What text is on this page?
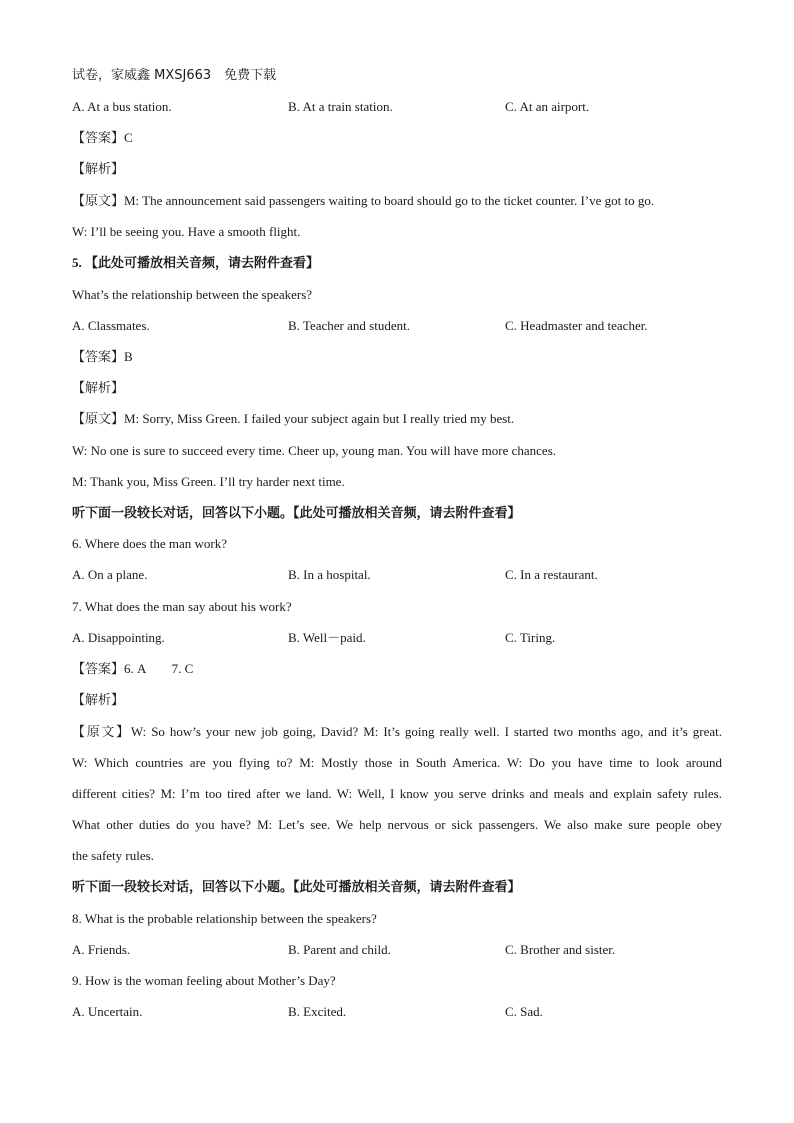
试卷，家威鑫 MXSJ663　免费下载
A. At a bus station.	B. At a train station.	C. At an airport.
【答案】C
【解析】
【原文】M: The announcement said passengers waiting to board should go to the ticket counter. I’ve got to go.
W: I’ll be seeing you. Have a smooth flight.
5. 【此处可播放相关音频，请去附件查看】
What’s the relationship between the speakers?
A. Classmates.	B. Teacher and student.	C. Headmaster and teacher.
【答案】B
【解析】
【原文】M: Sorry, Miss Green. I failed your subject again but I really tried my best.
W: No one is sure to succeed every time. Cheer up, young man. You will have more chances.
M: Thank you, Miss Green. I’ll try harder next time.
听下面一段较长对话，回答以下小题。【此处可播放相关音频，请去附件查看】
6. Where does the man work?
A. On a plane.	B. In a hospital.	C. In a restaurant.
7. What does the man say about his work?
A. Disappointing.	B. Well－paid.	C. Tiring.
【答案】6. A　　7. C
【解析】
【原文】W: So how’s your new job going, David? M: It’s going really well. I started two months ago, and it’s great.
W: Which countries are you flying to? M: Mostly those in South America. W: Do you have time to look around
different cities? M: I’m too tired after we land. W: Well, I know you serve drinks and meals and explain safety rules.
What other duties do you have? M: Let’s see. We help nervous or sick passengers. We also make sure people obey
the safety rules.
听下面一段较长对话，回答以下小题。【此处可播放相关音频，请去附件查看】
8. What is the probable relationship between the speakers?
A. Friends.	B. Parent and child.	C. Brother and sister.
9. How is the woman feeling about Mother’s Day?
A. Uncertain.	B. Excited.	C. Sad.
